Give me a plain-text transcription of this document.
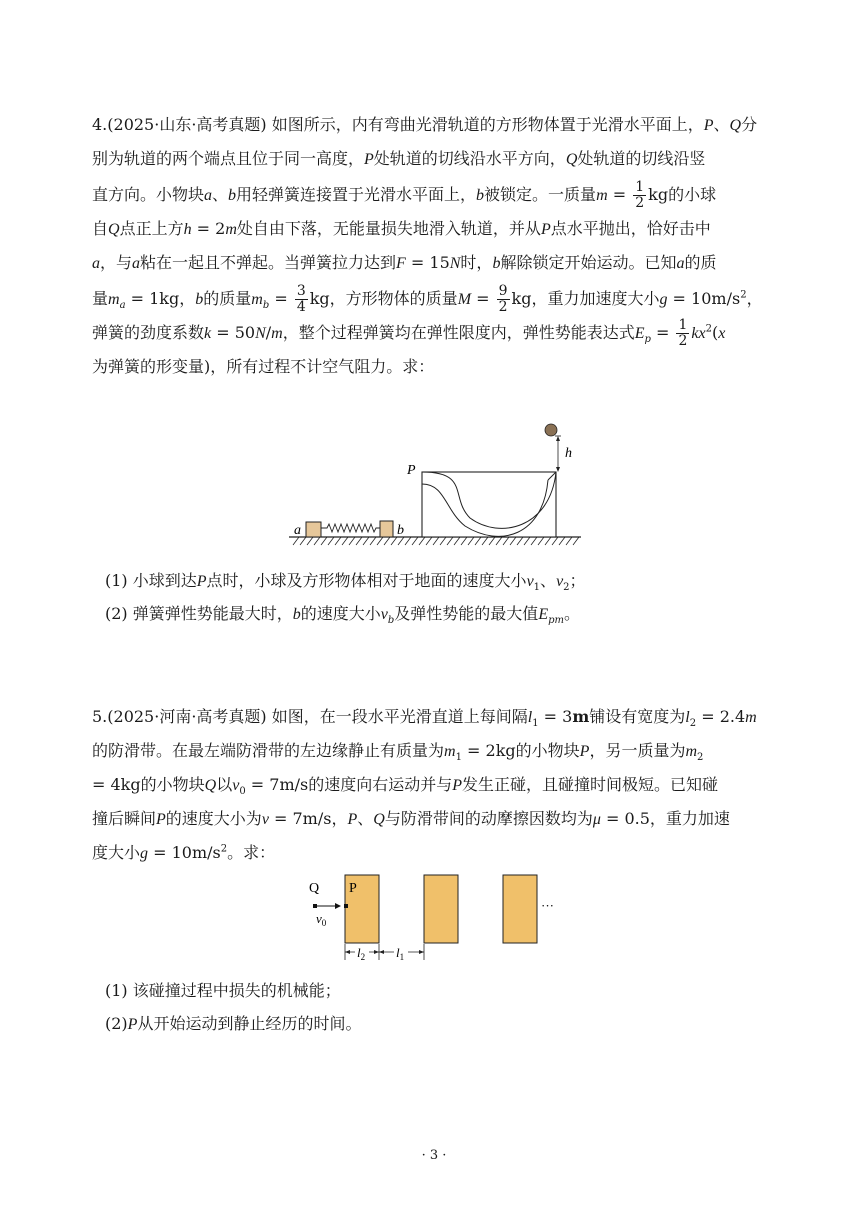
4.(2025·山东·高考真题) 如图所示，内有弯曲光滑轨道的方形物体置于光滑水平面上，P、Q分
别为轨道的两个端点且位于同一高度，P处轨道的切线沿水平方向，Q处轨道的切线沿竖
直方向。小物块a、b用轻弹簧连接置于光滑水平面上，b被锁定。一质量$m = \frac{1}{2}$ kg的小球
自Q点正上方h = 2m处自由下落，无能量损失地滑入轨道，并从P点水平抛出，恰好击中
a，与a粘在一起且不弹起。当弹簧拉力达到F = 15N时，b解除锁定开始运动。已知a的质
量$m_a = 1kg$，b的质量$m_b = \frac{3}{4}$ kg，方形物体的质量$M = \frac{9}{2}$ kg，重力加速度大小$g = 10m/s^2$，
弹簧的劲度系数k = 50N/m，整个过程弹簧均在弹性限度内，弹性势能表达式$E_p = \frac{1}{2} kx^2(x$
为弹簧的形变量)，所有过程不计空气阻力。求：
a	b
P
h
(1) 小球到达P点时，小球及方形物体相对于地面的速度大小$v_1$、$v_2$；
(2) 弹簧弹性势能最大时，b的速度大小$v_b$及弹性势能的最大值$E_{pm}$。
5.(2025·河南·高考真题) 如图，在一段水平光滑直道上每间隔$l_1 = 3m$铺设有宽度为$l_2 = 2.4m$
的防滑带。在最左端防滑带的左边缘静止有质量为$m_1 = 2kg$的小物块P，另一质量为$m_2$
= 4kg的小物块Q以$v_0 = 7m/s$的速度向右运动并与P发生正碰，且碰撞时间极短。已知碰
撞后瞬间P的速度大小为v = 7m/s，P、Q与防滑带间的动摩擦因数均为μ = 0.5，重力加速
度大小$g = 10m/s^2$。求：
Q
$v_0$
P
···
$l_2$ $l_1$
(1) 该碰撞过程中损失的机械能；
(2)P从开始运动到静止经历的时间。
· 3 ·
